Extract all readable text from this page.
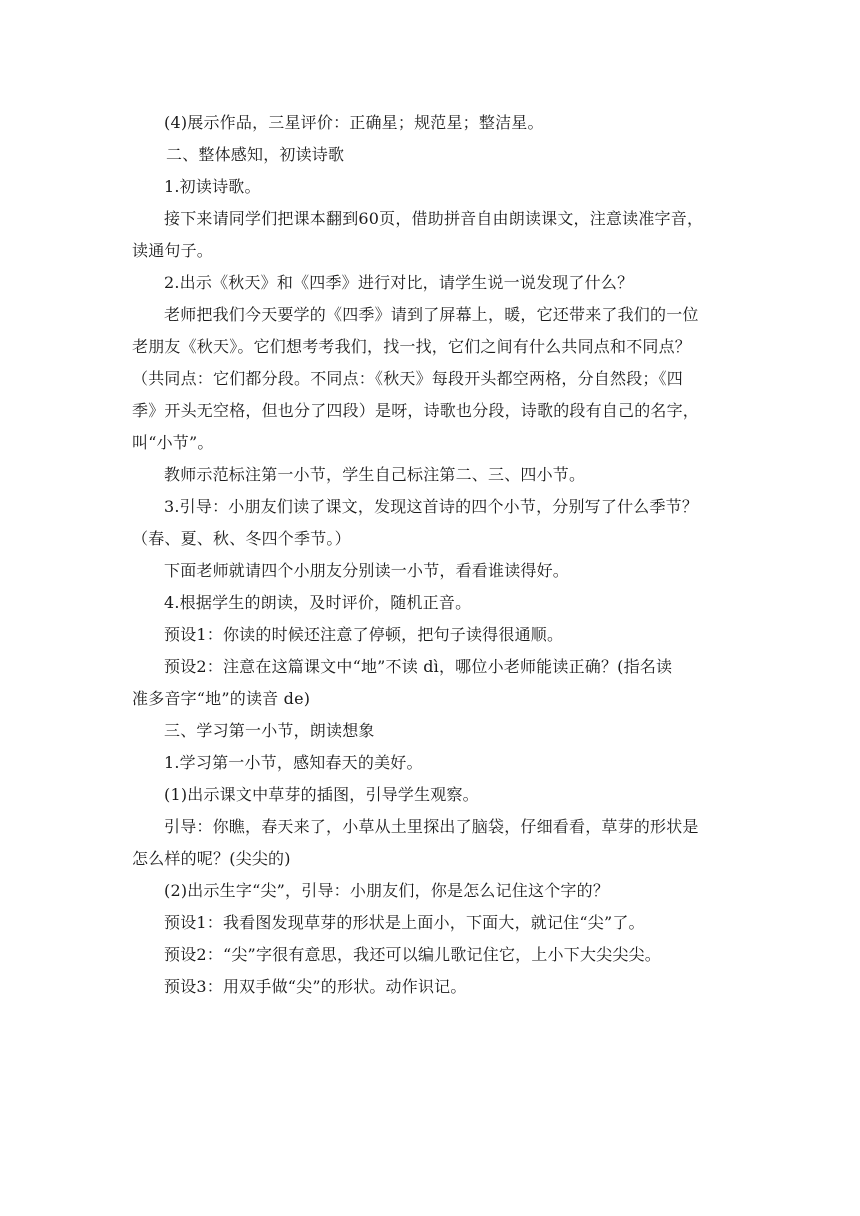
(4)展示作品，三星评价：正确星；规范星；整洁星。

二、整体感知，初读诗歌

1.初读诗歌。

接下来请同学们把课本翻到60页，借助拼音自由朗读课文，注意读准字音，

读通句子。

2.出示《秋天》和《四季》进行对比，请学生说一说发现了什么？

老师把我们今天要学的《四季》请到了屏幕上，暖，它还带来了我们的一位

老朋友《秋天》。它们想考考我们，找一找，它们之间有什么共同点和不同点？

（共同点：它们都分段。不同点：《秋天》每段开头都空两格，分自然段；《四

季》开头无空格，但也分了四段）是呀，诗歌也分段，诗歌的段有自己的名字，

叫“小节”。

教师示范标注第一小节，学生自己标注第二、三、四小节。

3.引导：小朋友们读了课文，发现这首诗的四个小节，分别写了什么季节？

（春、夏、秋、冬四个季节。）

下面老师就请四个小朋友分别读一小节，看看谁读得好。

4.根据学生的朗读，及时评价，随机正音。

预设1：你读的时候还注意了停顿，把句子读得很通顺。

预设2：注意在这篇课文中“地”不读 dì，哪位小老师能读正确？(指名读

准多音字“地”的读音 de)

三、学习第一小节，朗读想象

1.学习第一小节，感知春天的美好。

(1)出示课文中草芽的插图，引导学生观察。

引导：你瞧，春天来了，小草从土里探出了脑袋，仔细看看，草芽的形状是

怎么样的呢？(尖尖的)

(2)出示生字“尖”，引导：小朋友们，你是怎么记住这个字的？

预设1：我看图发现草芽的形状是上面小，下面大，就记住“尖”了。

预设2：“尖”字很有意思，我还可以编儿歌记住它，上小下大尖尖尖。

预设3：用双手做“尖”的形状。动作识记。
